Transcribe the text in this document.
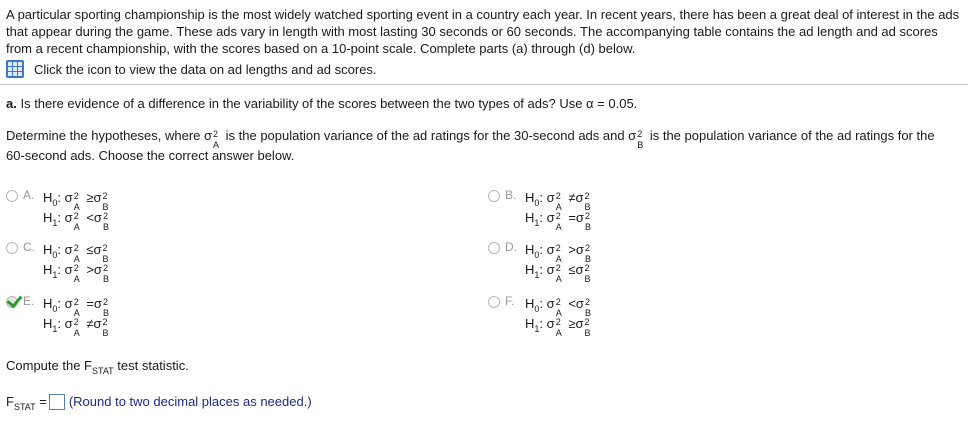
A particular sporting championship is the most widely watched sporting event in a country each year. In recent years, there has been a great deal of interest in the ads that appear during the game. These ads vary in length with most lasting 30 seconds or 60 seconds. The accompanying table contains the ad length and ad scores from a recent championship, with the scores based on a 10-point scale. Complete parts (a) through (d) below.
Click the icon to view the data on ad lengths and ad scores.
a. Is there evidence of a difference in the variability of the scores between the two types of ads? Use α = 0.05.
Determine the hypotheses, where σ 2
A
is the population variance of the ad ratings for the 30-second ads and σ 2
B
is the population variance of the ad ratings for the 60-second ads. Choose the correct answer below.
A. $H_0$: σ 2
A
≥σ 2
B
$H_1$: σ 2
A
<σ 2
B
B. $H_0$: σ 2
A
≠σ 2
B
$H_1$: σ 2
A
=σ 2
B
C. $H_0$: σ 2
A
≤σ 2
B
$H_1$: σ 2
A
>σ 2
B
D. $H_0$: σ 2
A
>σ 2
B
$H_1$: σ 2
A
≤σ 2
B
E. $H_0$: σ 2
A
=σ 2
B
$H_1$: σ 2
A
≠σ 2
B
F. $H_0$: σ 2
A
<σ 2
B
$H_1$: σ 2
A
≥σ 2
B
Compute the $F_{STAT}$ test statistic.
$F_{STAT}$ = (Round to two decimal places as needed.)
